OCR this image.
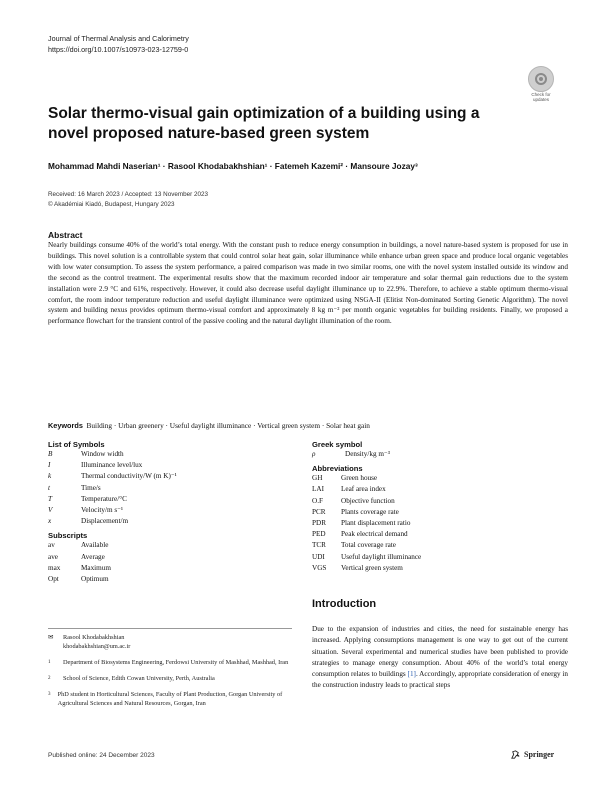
Journal of Thermal Analysis and Calorimetry
https://doi.org/10.1007/s10973-023-12759-0
Check for
updates
Solar thermo-visual gain optimization of a building using a novel proposed nature-based green system
Mohammad Mahdi Naserian¹ · Rasool Khodabakhshian¹ · Fatemeh Kazemi² · Mansoure Jozay³
Received: 16 March 2023 / Accepted: 13 November 2023
© Akadémiai Kiadó, Budapest, Hungary 2023
Abstract
Nearly buildings consume 40% of the world’s total energy. With the constant push to reduce energy consumption in buildings, a novel nature-based system is proposed for use in buildings. This novel solution is a controllable system that could control solar heat gain, solar illuminance while enhance urban green space and produce local organic vegetables with low water consumption. To assess the system performance, a paired comparison was made in two similar rooms, one with the novel system installed outside its window and the second as the control treatment. The experimental results show that the maximum recorded indoor air temperature and solar thermal gain reductions due to the system installation were 2.9 °C and 61%, respectively. However, it could also decrease useful daylight illuminance up to 22.9%. Therefore, to achieve a stable optimum thermo-visual comfort, the room indoor temperature reduction and useful daylight illuminance were optimized using NSGA-II (Elitist Non-dominated Sorting Genetic Algorithm). The novel system and building nexus provides optimum thermo-visual comfort and approximately 8 kg m⁻² per month organic vegetables for building residents. Finally, we proposed a performance flowchart for the transient control of the passive cooling and the natural daylight illumination of the room.
Keywords Building · Urban greenery · Useful daylight illuminance · Vertical green system · Solar heat gain
List of Symbols
B	Window width
I	Illuminance level/lux
k	Thermal conductivity/W (m K)⁻¹
t	Time/s
T	Temperature/°C
V	Velocity/m s⁻¹
x	Displacement/m
Subscripts
av	Available
ave	Average
max	Maximum
Opt	Optimum
Greek symbol
ρ	Density/kg m⁻³
Abbreviations
GH	Green house
LAI	Leaf area index
O.F	Objective function
PCR	Plants coverage rate
PDR	Plant displacement ratio
PED	Peak electrical demand
TCR	Total coverage rate
UDI	Useful daylight illuminance
VGS	Vertical green system
✉	Rasool Khodabakhshian
khodabakhshian@um.ac.ir
1	Department of Biosystems Engineering, Ferdowsi University of Mashhad, Mashhad, Iran
2	School of Science, Edith Cowan University, Perth, Australia
3	PhD student in Horticultural Sciences, Faculty of Plant Production, Gorgan University of Agricultural Sciences and Natural Resources, Gorgan, Iran
Introduction
Due to the expansion of industries and cities, the need for sustainable energy has increased. Applying consumptions management is one way to get out of the current situation. Several experimental and numerical studies have been published to provide strategies to manage energy consumption. About 40% of the world’s total energy consumption relates to buildings [1]. Accordingly, appropriate consideration of energy in the construction industry leads to practical steps
Published online: 24 December 2023	Springer
